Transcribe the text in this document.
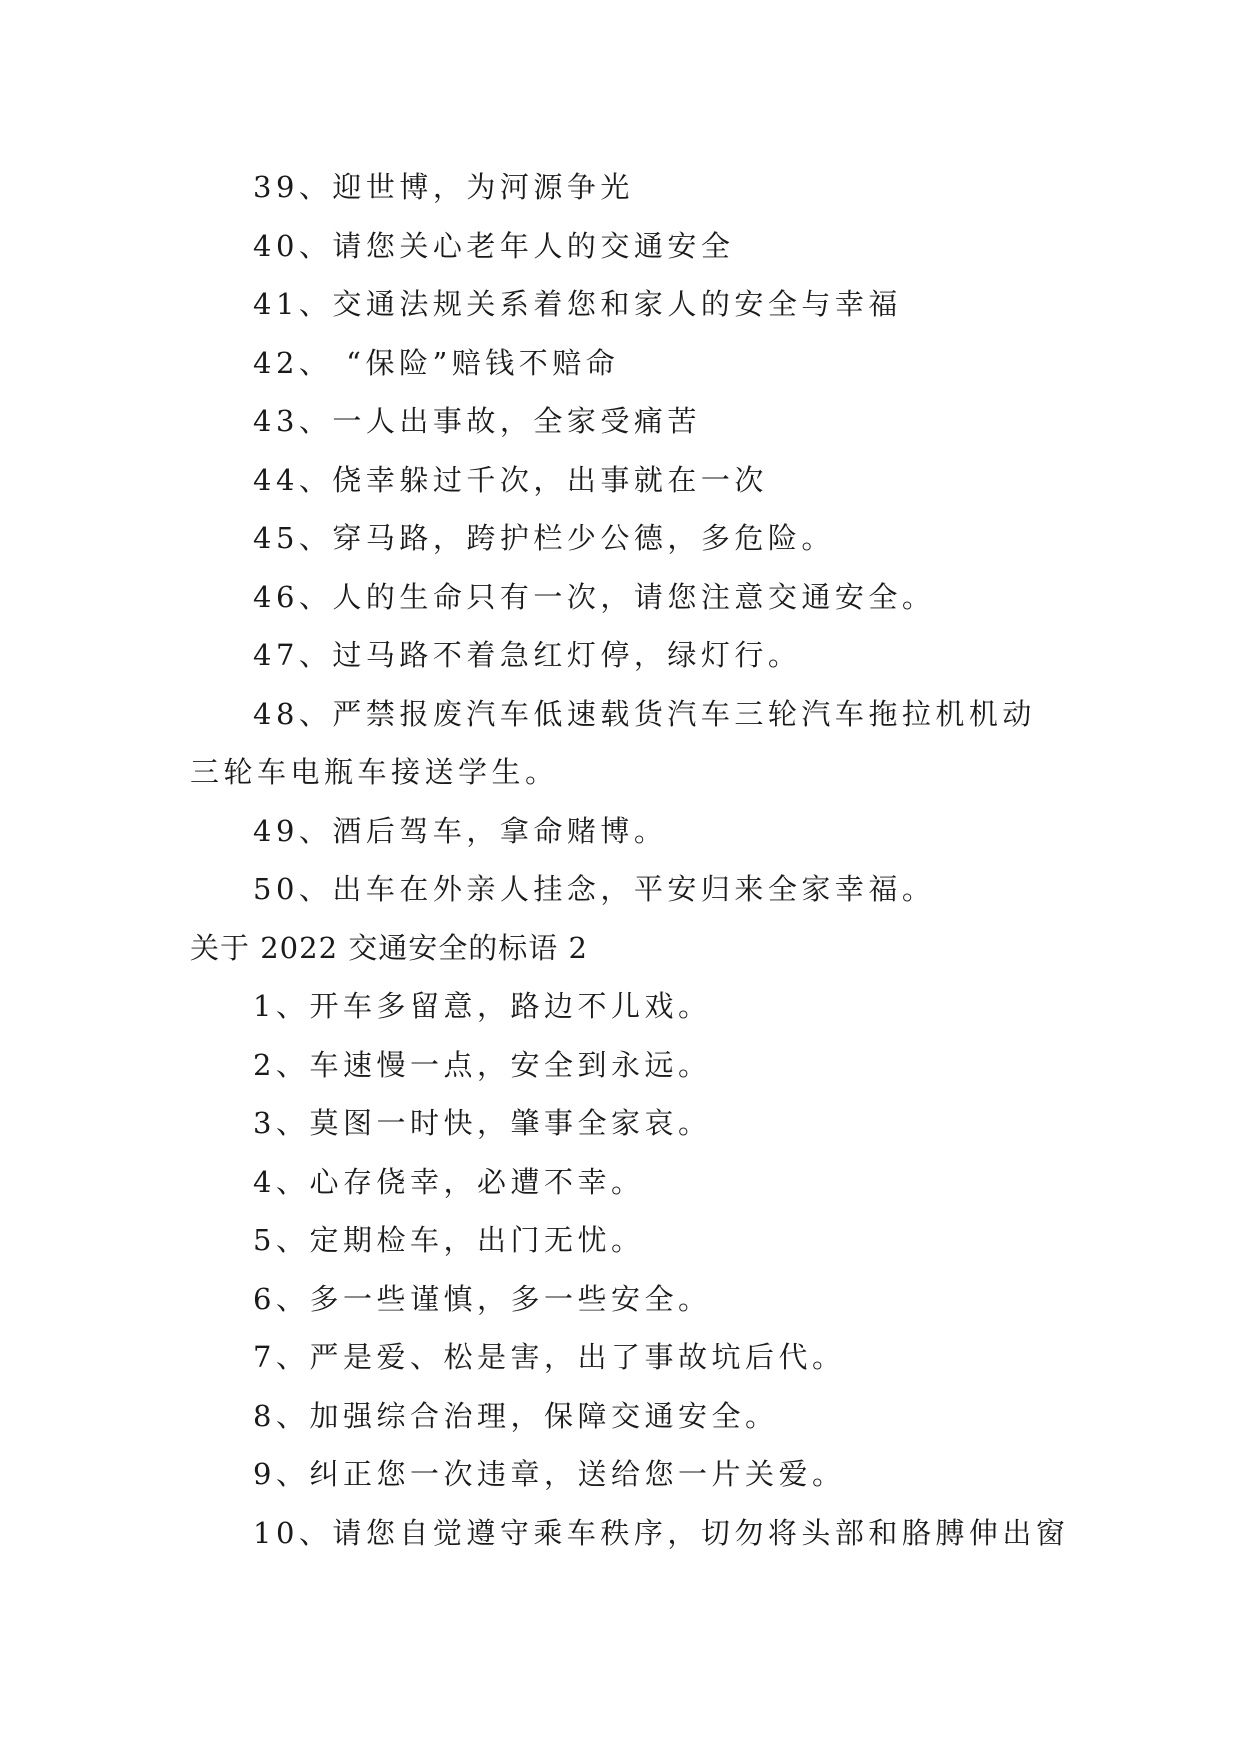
39、迎世博，为河源争光
40、请您关心老年人的交通安全
41、交通法规关系着您和家人的安全与幸福
42、 “保险”赔钱不赔命
43、一人出事故，全家受痛苦
44、侥幸躲过千次，出事就在一次
45、穿马路，跨护栏少公德，多危险。
46、人的生命只有一次，请您注意交通安全。
47、过马路不着急红灯停，绿灯行。
48、严禁报废汽车低速载货汽车三轮汽车拖拉机机动三轮车电瓶车接送学生。
49、酒后驾车，拿命赌博。
50、出车在外亲人挂念，平安归来全家幸福。
关于 2022 交通安全的标语 2
1、开车多留意，路边不儿戏。
2、车速慢一点，安全到永远。
3、莫图一时快，肇事全家哀。
4、心存侥幸，必遭不幸。
5、定期检车，出门无忧。
6、多一些谨慎，多一些安全。
7、严是爱、松是害，出了事故坑后代。
8、加强综合治理，保障交通安全。
9、纠正您一次违章，送给您一片关爱。
10、请您自觉遵守乘车秩序，切勿将头部和胳膊伸出窗
